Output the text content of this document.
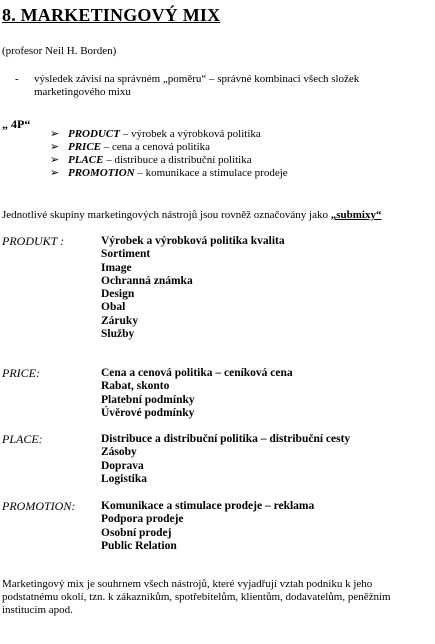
8. MARKETINGOVÝ MIX
(profesor Neil H. Borden)
- výsledek závisí na správném „poměru“ – správné kombinaci všech složek marketingového mixu
„ 4P“
➢ PRODUCT – výrobek a výrobková politika
➢ PRICE – cena a cenová politika
➢ PLACE – distribuce a distribuční politika
➢ PROMOTION – komunikace a stimulace prodeje
Jednotlivé skupiny marketingových nástrojů jsou rovněž označovány jako „submixy“
PRODUKT :	Výrobek a výrobková politika kvalita
Sortiment
Image
Ochranná známka
Design
Obal
Záruky
Služby
PRICE:	Cena a cenová politika – ceníková cena
Rabat, skonto
Platební podmínky
Úvěrové podmínky
PLACE:	Distribuce a distribuční politika – distribuční cesty
Zásoby
Doprava
Logistika
PROMOTION: Komunikace a stimulace prodeje – reklama
Podpora prodeje
Osobní prodej
Public Relation
Marketingový mix je souhrnem všech nástrojů, které vyjadřují vztah podniku k jeho podstatnému okolí, tzn. k zákazníkům, spotřebitelům, klientům, dodavatelům, peněžním institucím apod.
